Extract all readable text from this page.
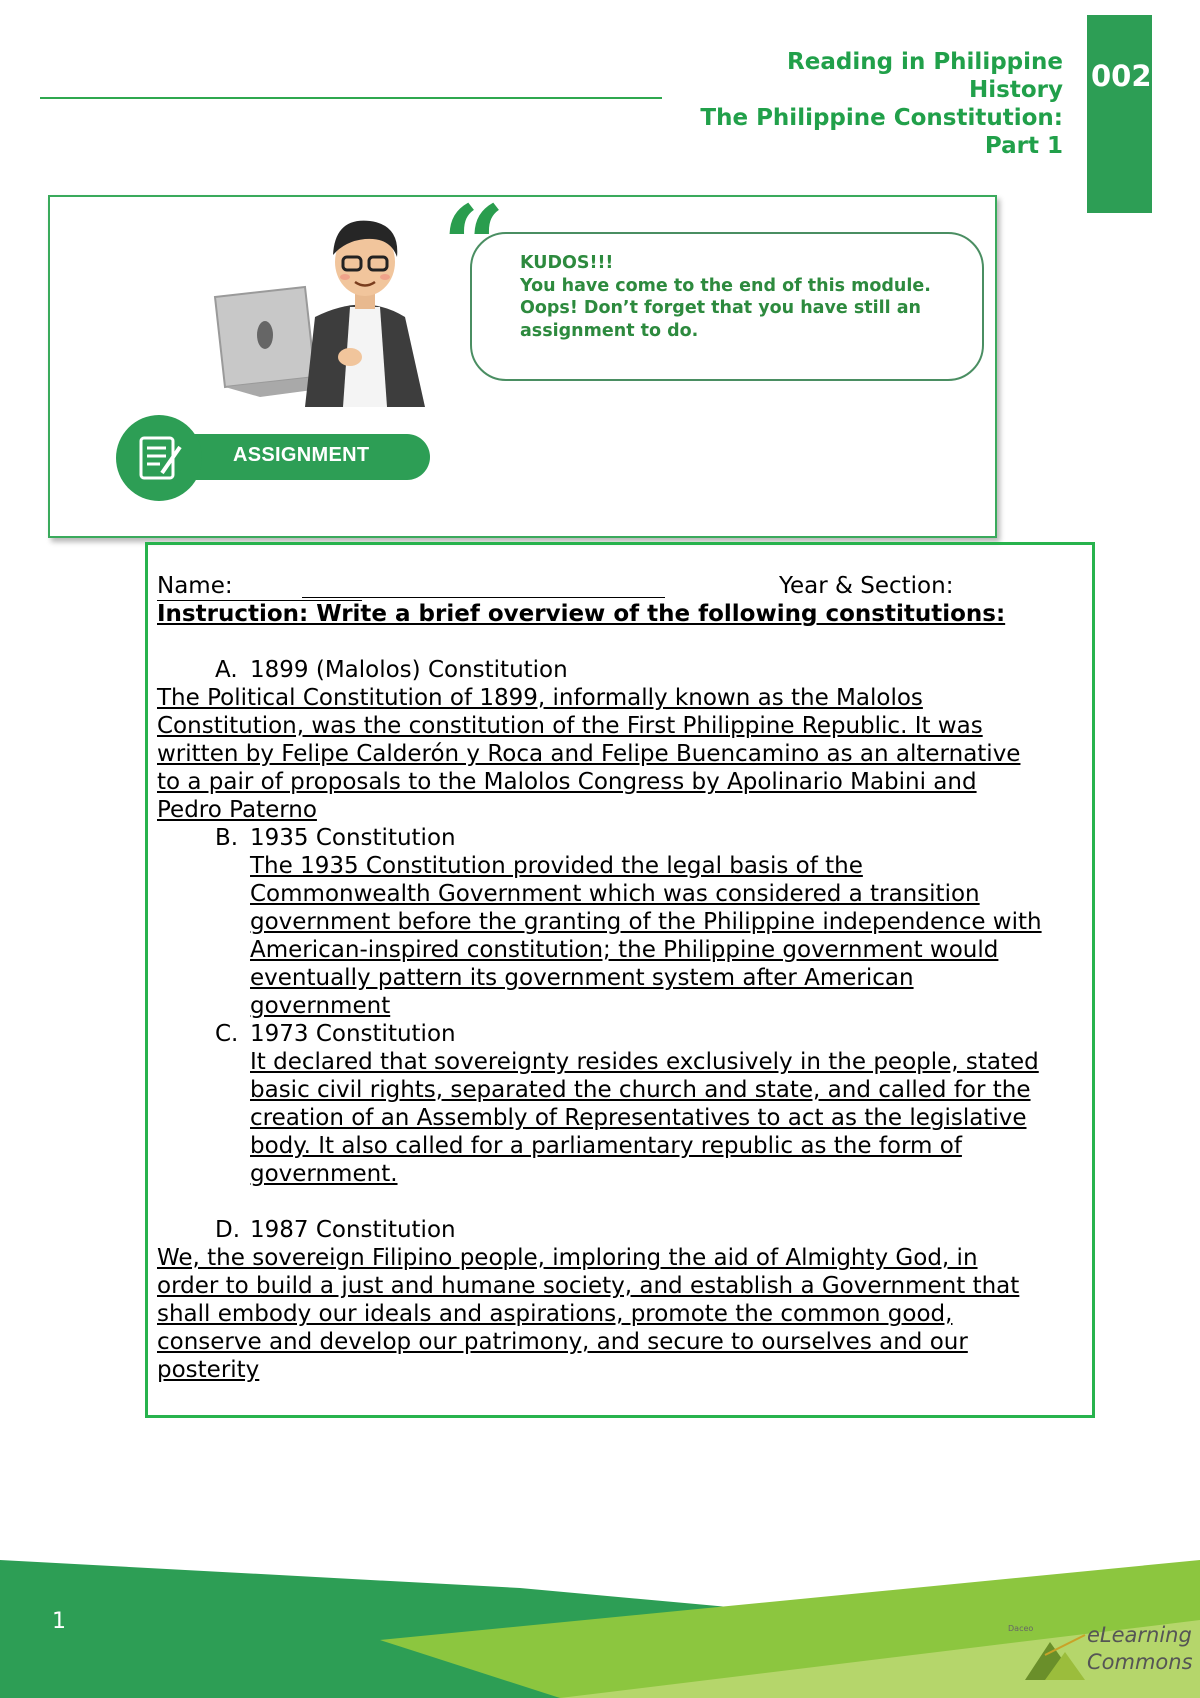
Reading in Philippine
History
The Philippine Constitution:
Part 1
002
“ KUDOS!!!
You have come to the end of this module.
Oops! Don’t forget that you have still an
assignment to do.
ASSIGNMENT
Name:	Year & Section:
Instruction: Write a brief overview of the following constitutions:
A. 1899 (Malolos) Constitution
The Political Constitution of 1899, informally known as the Malolos
Constitution, was the constitution of the First Philippine Republic. It was
written by Felipe Calderón y Roca and Felipe Buencamino as an alternative
to a pair of proposals to the Malolos Congress by Apolinario Mabini and
Pedro Paterno
B. 1935 Constitution
The 1935 Constitution provided the legal basis of the
Commonwealth Government which was considered a transition
government before the granting of the Philippine independence with
American-inspired constitution; the Philippine government would
eventually pattern its government system after American
government
C. 1973 Constitution
It declared that sovereignty resides exclusively in the people, stated
basic civil rights, separated the church and state, and called for the
creation of an Assembly of Representatives to act as the legislative
body. It also called for a parliamentary republic as the form of
government.
D. 1987 Constitution
We, the sovereign Filipino people, imploring the aid of Almighty God, in
order to build a just and humane society, and establish a Government that
shall embody our ideals and aspirations, promote the common good,
conserve and develop our patrimony, and secure to ourselves and our
posterity
1	Daceo	eLearning
Commons
